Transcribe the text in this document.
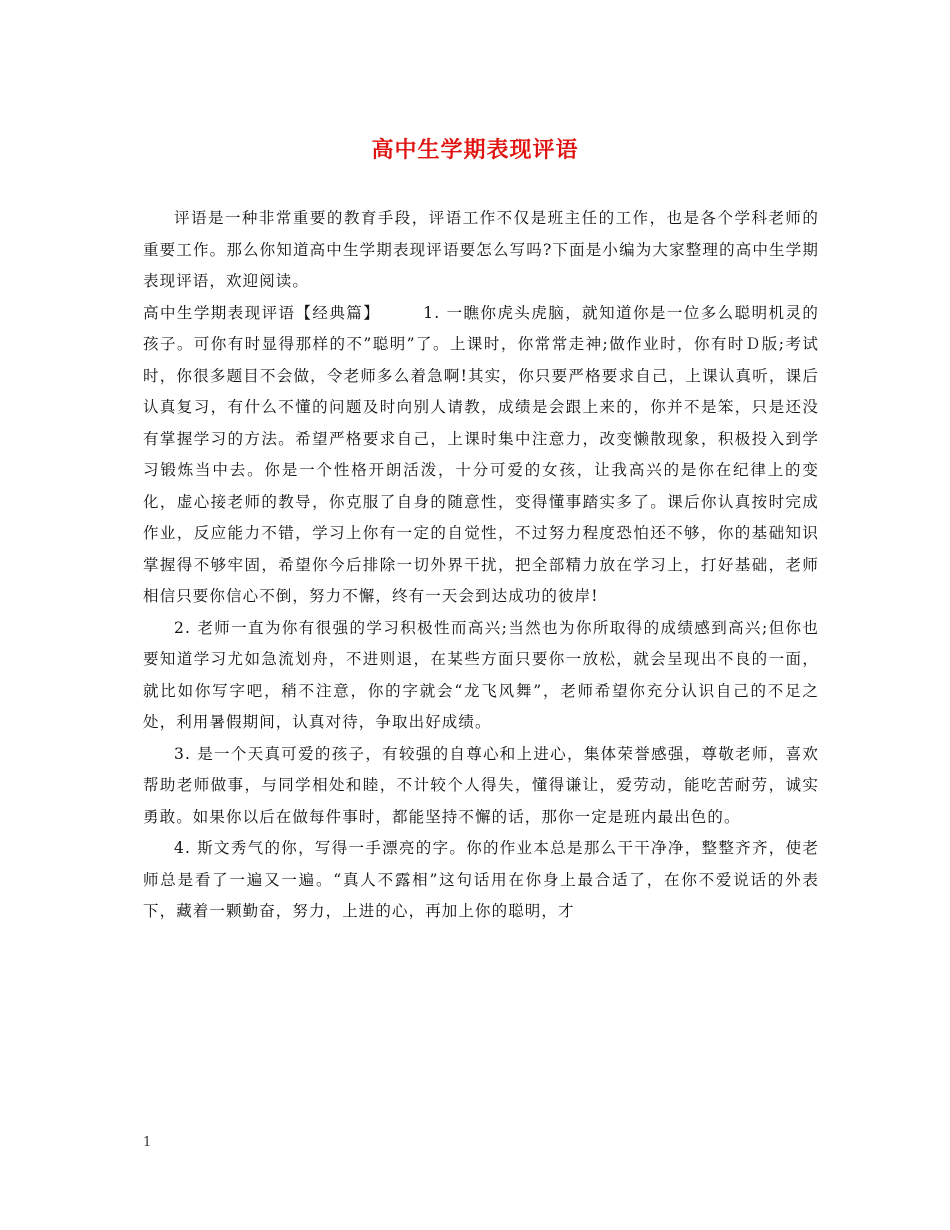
高中生学期表现评语

评语是一种非常重要的教育手段，评语工作不仅是班主任的工作，也是各个学科老师的重要工作。那么你知道高中生学期表现评语要怎么写吗?下面是小编为大家整理的高中生学期表现评语，欢迎阅读。

高中生学期表现评语【经典篇】　　　1. 一瞧你虎头虎脑，就知道你是一位多么聪明机灵的孩子。可你有时显得那样的不”聪明”了。上课时，你常常走神;做作业时，你有时Ｄ版;考试时，你很多题目不会做，令老师多么着急啊!其实，你只要严格要求自己，上课认真听，课后认真复习，有什么不懂的问题及时向别人请教，成绩是会跟上来的，你并不是笨，只是还没有掌握学习的方法。希望严格要求自己，上课时集中注意力，改变懒散现象，积极投入到学习锻炼当中去。你是一个性格开朗活泼，十分可爱的女孩，让我高兴的是你在纪律上的变化，虚心接老师的教导，你克服了自身的随意性，变得懂事踏实多了。课后你认真按时完成作业，反应能力不错，学习上你有一定的自觉性，不过努力程度恐怕还不够，你的基础知识掌握得不够牢固，希望你今后排除一切外界干扰，把全部精力放在学习上，打好基础，老师相信只要你信心不倒，努力不懈，终有一天会到达成功的彼岸!

2. 老师一直为你有很强的学习积极性而高兴;当然也为你所取得的成绩感到高兴;但你也要知道学习尤如急流划舟，不进则退，在某些方面只要你一放松，就会呈现出不良的一面，就比如你写字吧，稍不注意，你的字就会“龙飞风舞”，老师希望你充分认识自己的不足之处，利用暑假期间，认真对待，争取出好成绩。

3. 是一个天真可爱的孩子，有较强的自尊心和上进心，集体荣誉感强，尊敬老师，喜欢帮助老师做事，与同学相处和睦，不计较个人得失，懂得谦让，爱劳动，能吃苦耐劳，诚实勇敢。如果你以后在做每件事时，都能坚持不懈的话，那你一定是班内最出色的。

4. 斯文秀气的你，写得一手漂亮的字。你的作业本总是那么干干净净，整整齐齐，使老师总是看了一遍又一遍。“真人不露相”这句话用在你身上最合适了，在你不爱说话的外表下，藏着一颗勤奋，努力，上进的心，再加上你的聪明，才

1
